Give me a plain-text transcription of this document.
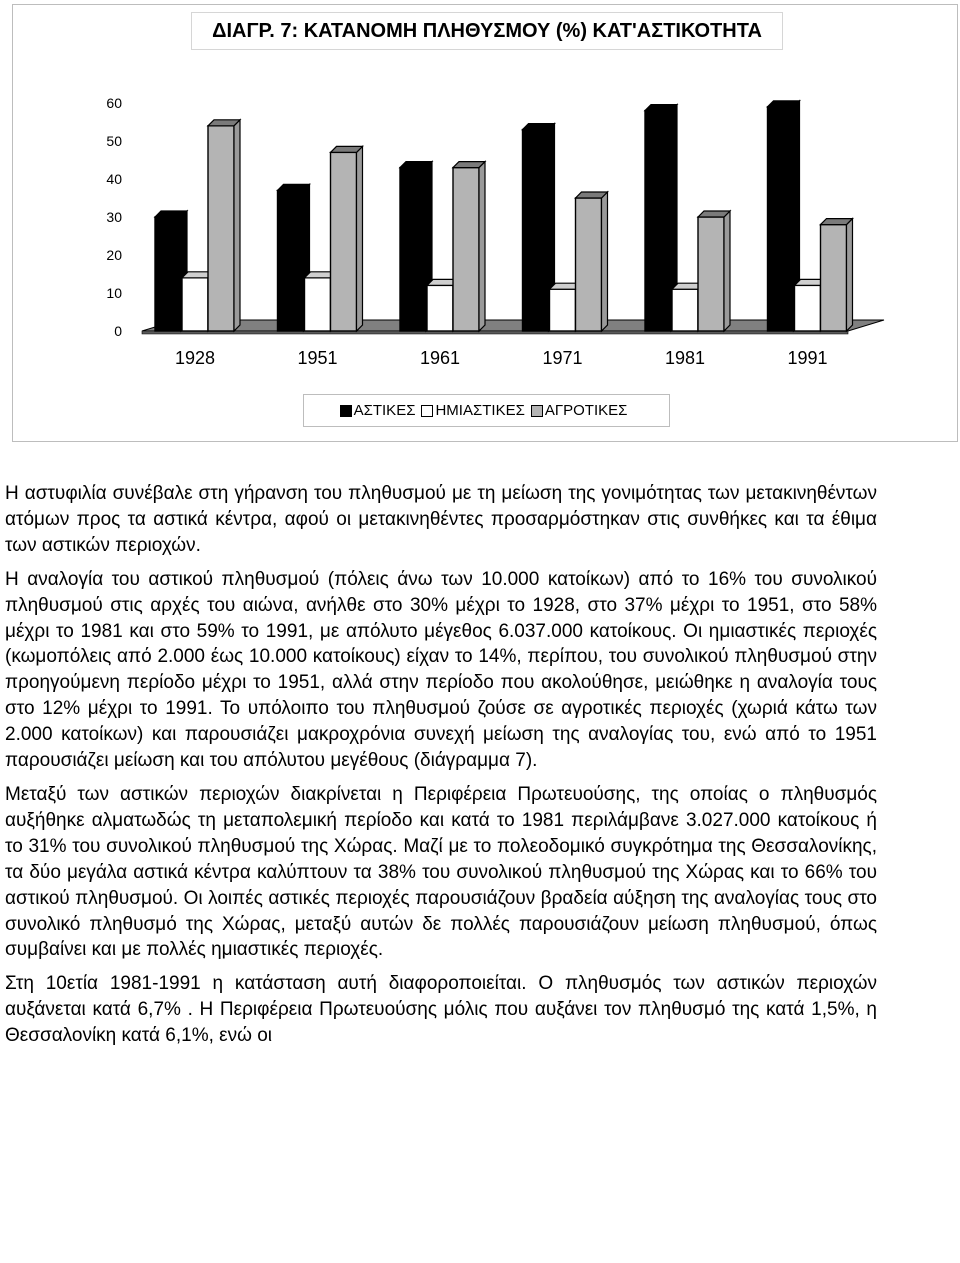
ΔΙΑΓΡ. 7: ΚΑΤΑΝΟΜΗ ΠΛΗΘΥΣΜΟΥ (%) ΚΑΤ'ΑΣΤΙΚΟΤΗΤΑ
0
10
20
30
40
50
60
1928	1951	1961	1971	1981	1991
ΑΣΤΙΚΕΣ ΗΜΙΑΣΤΙΚΕΣ ΑΓΡΟΤΙΚΕΣ

Η αστυφιλία συνέβαλε στη γήρανση του πληθυσμού με τη μείωση της γονιμότητας των μετακινηθέντων ατόμων προς τα αστικά κέντρα, αφού οι μετακινηθέντες προσαρμόστηκαν στις συνθήκες και τα έθιμα των αστικών περιοχών.

Η αναλογία του αστικού πληθυσμού (πόλεις άνω των 10.000 κατοίκων) από το 16% του συνολικού πληθυσμού στις αρχές του αιώνα, ανήλθε στο 30% μέχρι το 1928, στο 37% μέχρι το 1951, στο 58% μέχρι το 1981 και στο 59% το 1991, με απόλυτο μέγεθος 6.037.000 κατοίκους. Οι ημιαστικές περιοχές (κωμοπόλεις από 2.000 έως 10.000 κατοίκους) είχαν το 14%, περίπου, του συνολικού πληθυσμού στην προηγούμενη περίοδο μέχρι το 1951, αλλά στην περίοδο που ακολούθησε, μειώθηκε η αναλογία τους στο 12% μέχρι το 1991. Το υπόλοιπο του πληθυσμού ζούσε σε αγροτικές περιοχές (χωριά κάτω των 2.000 κατοίκων) και παρουσιάζει μακροχρόνια συνεχή μείωση της αναλογίας του, ενώ από το 1951 παρουσιάζει μείωση και του απόλυτου μεγέθους (διάγραμμα 7).

Μεταξύ των αστικών περιοχών διακρίνεται η Περιφέρεια Πρωτευούσης, της οποίας ο πληθυσμός αυξήθηκε αλματωδώς τη μεταπολεμική περίοδο και κατά το 1981 περιλάμβανε 3.027.000 κατοίκους ή το 31% του συνολικού πληθυσμού της Χώρας. Μαζί με το πολεοδομικό συγκρότημα της Θεσσαλονίκης, τα δύο μεγάλα αστικά κέντρα καλύπτουν τα 38% του συνολικού πληθυσμού της Χώρας και το 66% του αστικού πληθυσμού. Οι λοιπές αστικές περιοχές παρουσιάζουν βραδεία αύξηση της αναλογίας τους στο συνολικό πληθυσμό της Χώρας, μεταξύ αυτών δε πολλές παρουσιάζουν μείωση πληθυσμού, όπως συμβαίνει και με πολλές ημιαστικές περιοχές.

Στη 10ετία 1981-1991 η κατάσταση αυτή διαφοροποιείται. Ο πληθυσμός των αστικών περιοχών αυξάνεται κατά 6,7% . Η Περιφέρεια Πρωτευούσης μόλις που αυξάνει τον πληθυσμό της κατά 1,5%, η Θεσσαλονίκη κατά 6,1%, ενώ οι
